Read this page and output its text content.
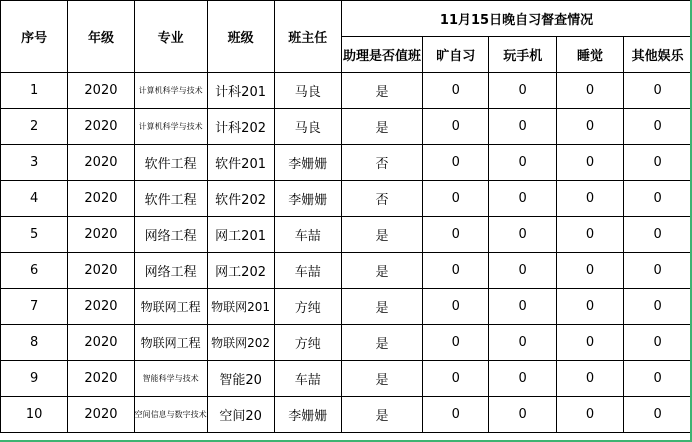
序号	年级	专业	班级	班主任	11月15日晚自习督查情况				
					助理是否值班	旷自习	玩手机	睡觉	其他娱乐
1	2020	计算机科学与技术	计科201	马良	是	0	0	0	0
2	2020	计算机科学与技术	计科202	马良	是	0	0	0	0
3	2020	软件工程	软件201	李姗姗	否	0	0	0	0
4	2020	软件工程	软件202	李姗姗	否	0	0	0	0
5	2020	网络工程	网工201	车喆	是	0	0	0	0
6	2020	网络工程	网工202	车喆	是	0	0	0	0
7	2020	物联网工程	物联网201	方纯	是	0	0	0	0
8	2020	物联网工程	物联网202	方纯	是	0	0	0	0
9	2020	智能科学与技术	智能20	车喆	是	0	0	0	0
10	2020	空间信息与数字技术	空间20	李姗姗	是	0	0	0	0
